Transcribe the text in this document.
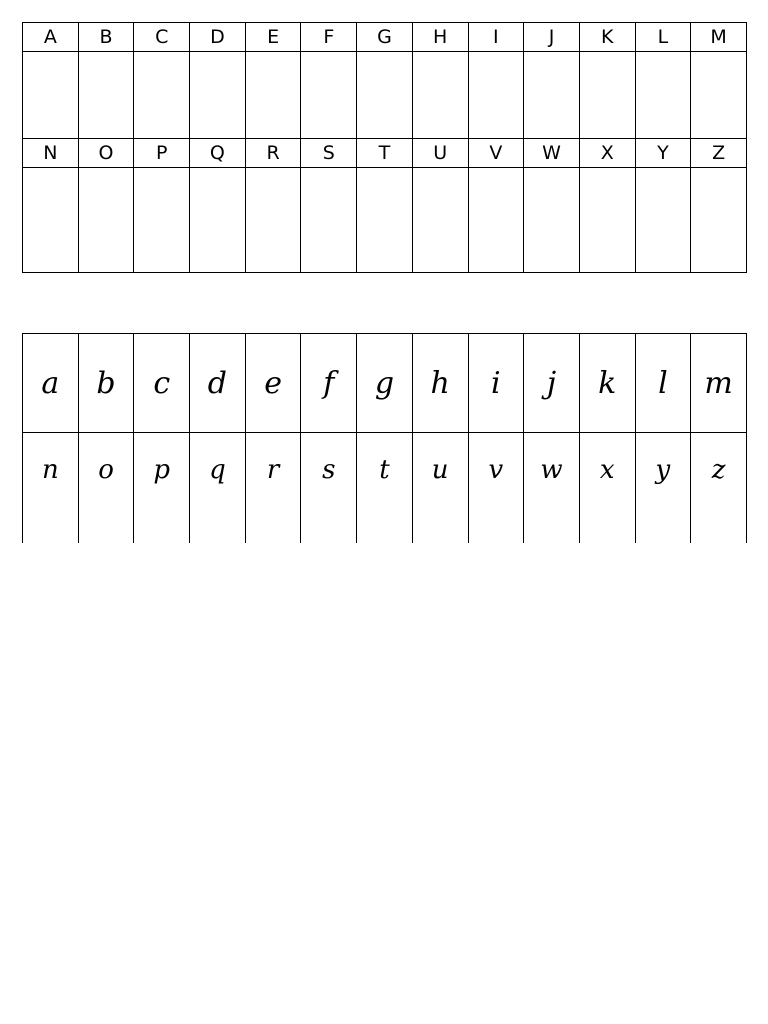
A	B	C	D	E	F	G	H	I	J	K	L	M

N	O	P	Q	R	S	T	U	V	W	X	Y	Z

a	b	c	d	e	f	g	h	i	j	k	l	m
n	o	p	q	r	s	t	u	v	w	x	y	z
